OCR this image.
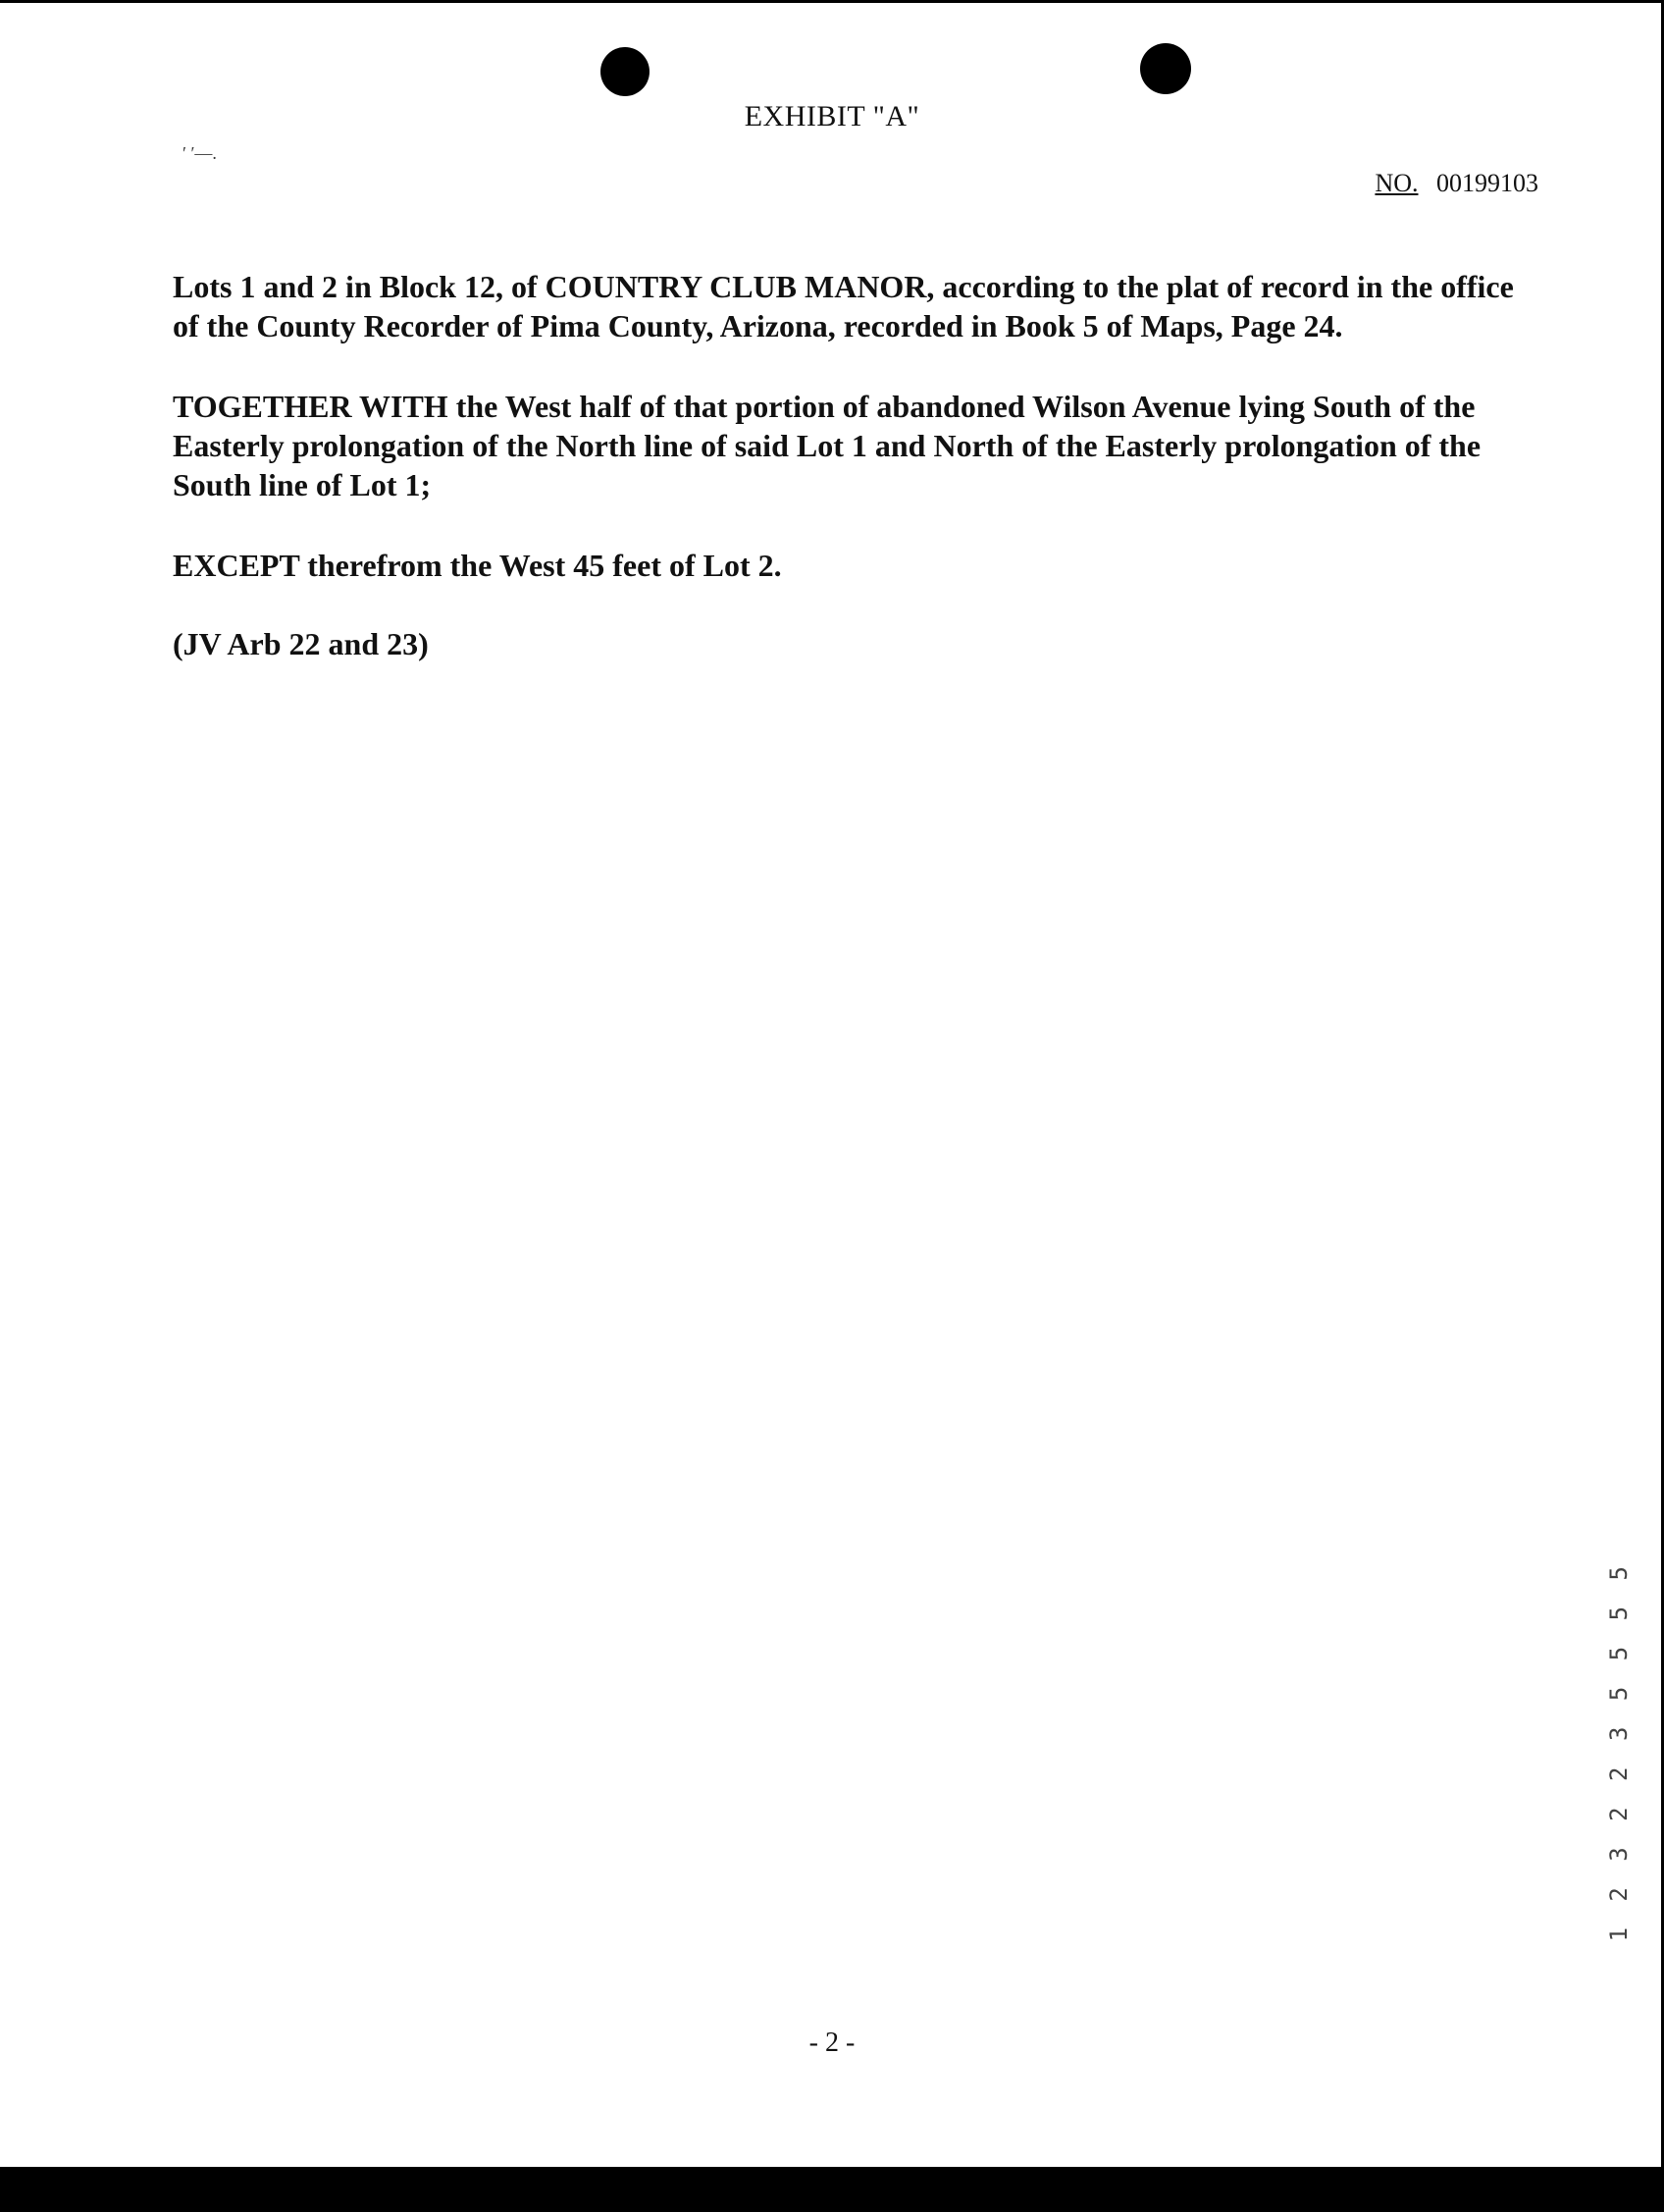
EXHIBIT "A"
′ ′—.
NO. 00199103
Lots 1 and 2 in Block 12, of COUNTRY CLUB MANOR, according to the plat of record in the office of the County Recorder of Pima County, Arizona, recorded in Book 5 of Maps, Page 24.
TOGETHER WITH the West half of that portion of abandoned Wilson Avenue lying South of the Easterly prolongation of the North line of said Lot 1 and North of the Easterly prolongation of the South line of Lot 1;
EXCEPT therefrom the West 45 feet of Lot 2.
(JV Arb 22 and 23)
1 2 3 2 2 3 5 5 5 5
- 2 -
